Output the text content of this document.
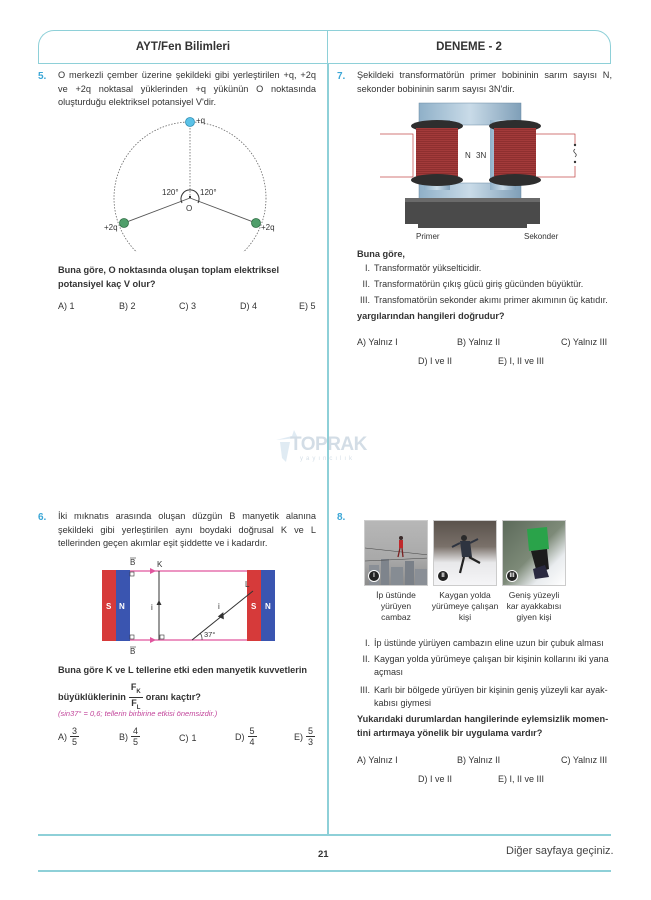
AYT/Fen Bilimleri	DENEME - 2
5. O merkezli çember üzerine şekildeki gibi yerleştirilen +q, +2q ve +2q noktasal yüklerinden +q yükünün O noktasında oluşturduğu elektriksel potansiyel V'dir.
+q
+2q	+2q
O
120°	120°
Buna göre, O noktasında oluşan toplam elektriksel potansiyel kaç V olur?
A) 1	B) 2	C) 3	D) 4	E) 5
7. Şekildeki transformatörün primer bobininin sarım sayısı N, sekonder bobininin sarım sayısı 3N'dir.
N 3N
Primer	Sekonder
Buna göre,
I. Transformatör yükselticidir.
II. Transformatörün çıkış gücü giriş gücünden büyüktür.
III. Transfomatörün sekonder akımı primer akımının üç katıdır.
yargılarından hangileri doğrudur?
A) Yalnız I	B) Yalnız II	C) Yalnız III
D) I ve II	E) I, II ve III
TOPRAK
yayıncılık
6. İki mıknatıs arasında oluşan düzgün B manyetik alanına şekildeki gibi yerleştirilen aynı boydaki doğrusal K ve L tellerinden geçen akımlar eşit şiddette ve i kadardır.
S N	S N
B
B
K
i
L
i
37°
Buna göre K ve L tellerine etki eden manyetik kuvvetlerin
büyüklüklerinin $\frac{F_K}{F_L}$ oranı kaçtır?
(sin37° = 0,6; tellerin birbirine etkisi önemsizdir.)
$A) \frac{3}{5}$	$B) \frac{4}{5}$	C) 1	$D) \frac{5}{4}$	$E) \frac{5}{3}$
8.
I	II	III
İp üstünde
yürüyen
cambaz
Kaygan yolda
yürümeye çalışan
kişi
Geniş yüzeyli
kar ayakkabısı
giyen kişi
I. İp üstünde yürüyen cambazın eline uzun bir çubuk alması
II. Kaygan yolda yürümeye çalışan bir kişinin kollarını iki yana
açması
III. Karlı bir bölgede yürüyen bir kişinin geniş yüzeyli kar ayak-
kabısı giymesi
Yukarıdaki durumlardan hangilerinde eylemsizlik momen-
tini artırmaya yönelik bir uygulama vardır?
A) Yalnız I	B) Yalnız II	C) Yalnız III
D) I ve II	E) I, II ve III
21	Diğer sayfaya geçiniz.
